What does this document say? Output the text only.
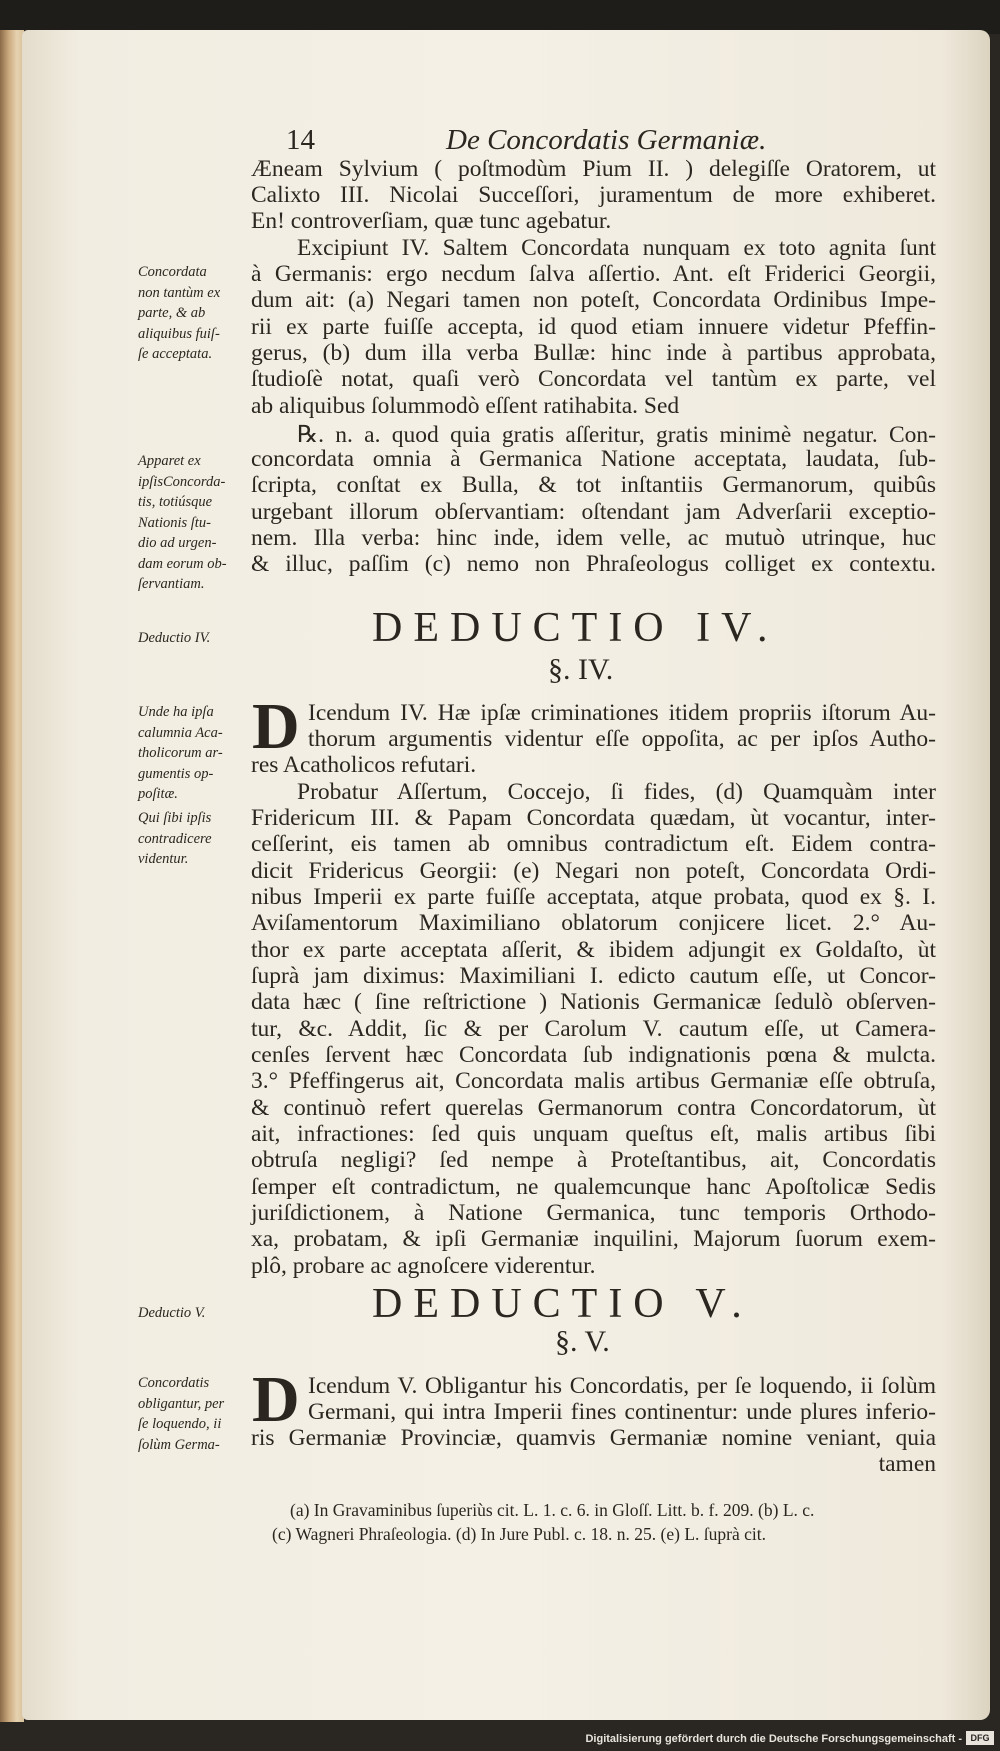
14	De Concordatis Germaniæ.
Æneam Sylvium ( poſtmodùm Pium II. ) delegiſſe Oratorem, ut
Calixto III. Nicolai Succeſſori, juramentum de more exhiberet.
En! controverſiam, quæ tunc agebatur.
Excipiunt IV. Saltem Concordata nunquam ex toto agnita ſunt
à Germanis: ergo necdum ſalva aſſertio. Ant. eſt Friderici Georgii,
dum ait: (a) Negari tamen non poteſt, Concordata Ordinibus Impe-
rii ex parte fuiſſe accepta, id quod etiam innuere videtur Pfeffin-
gerus, (b) dum illa verba Bullæ: hinc inde à partibus approbata,
ſtudioſè notat, quaſi verò Concordata vel tantùm ex parte, vel
ab aliquibus ſolummodò eſſent ratihabita. Sed
℞. n. a. quod quia gratis aſſeritur, gratis minimè negatur. Con-
concordata omnia à Germanica Natione acceptata, laudata, ſub-
ſcripta, conſtat ex Bulla, & tot inſtantiis Germanorum, quibûs
urgebant illorum obſervantiam: oſtendant jam Adverſarii exceptio-
nem. Illa verba: hinc inde, idem velle, ac mutuò utrinque, huc
& illuc, paſſim (c) nemo non Phraſeologus colliget ex contextu.
DEDUCTIO IV.
§. IV.
D Icendum IV. Hæ ipſæ criminationes itidem propriis iſtorum Au-
thorum argumentis videntur eſſe oppoſita, ac per ipſos Autho-
res Acatholicos refutari.
Probatur Aſſertum, Coccejo, ſi fides, (d) Quamquàm inter
Fridericum III. & Papam Concordata quædam, ùt vocantur, inter-
ceſſerint, eis tamen ab omnibus contradictum eſt. Eidem contra-
dicit Fridericus Georgii: (e) Negari non poteſt, Concordata Ordi-
nibus Imperii ex parte fuiſſe acceptata, atque probata, quod ex §. I.
Aviſamentorum Maximiliano oblatorum conjicere licet. 2.° Au-
thor ex parte acceptata aſſerit, & ibidem adjungit ex Goldaſto, ùt
ſuprà jam diximus: Maximiliani I. edicto cautum eſſe, ut Concor-
data hæc ( ſine reſtrictione ) Nationis Germanicæ ſedulò obſerven-
tur, &c. Addit, ſic & per Carolum V. cautum eſſe, ut Camera-
cenſes ſervent hæc Concordata ſub indignationis pœna & mulcta.
3.° Pfeffingerus ait, Concordata malis artibus Germaniæ eſſe obtruſa,
& continuò refert querelas Germanorum contra Concordatorum, ùt
ait, infractiones: ſed quis unquam queſtus eſt, malis artibus ſibi
obtruſa negligi? ſed nempe à Proteſtantibus, ait, Concordatis
ſemper eſt contradictum, ne qualemcunque hanc Apoſtolicæ Sedis
juriſdictionem, à Natione Germanica, tunc temporis Orthodo-
xa, probatam, & ipſi Germaniæ inquilini, Majorum ſuorum exem-
plô, probare ac agnoſcere viderentur.
DEDUCTIO V.
§. V.
D Icendum V. Obligantur his Concordatis, per ſe loquendo, ii ſolùm
Germani, qui intra Imperii fines continentur: unde plures inferio-
ris Germaniæ Provinciæ, quamvis Germaniæ nomine veniant, quia
tamen
Concordata
non tantùm ex
parte, & ab
aliquibus fuiſ-
ſe acceptata.
Apparet ex
ipſisConcorda-
tis, totiúsque
Nationis ſtu-
dio ad urgen-
dam eorum ob-
ſervantiam.
Deductio IV.
Unde ha ipſa
calumnia Aca-
tholicorum ar-
gumentis op-
poſitæ.
Qui ſibi ipſis
contradicere
videntur.
Deductio V.
Concordatis
obligantur, per
ſe loquendo, ii
ſolùm Germa-
(a) In Gravaminibus ſuperiùs cit. L. 1. c. 6. in Gloſſ. Litt. b. f. 209. (b) L. c.
(c) Wagneri Phraſeologia. (d) In Jure Publ. c. 18. n. 25. (e) L. ſuprà cit.
Digitalisierung gefördert durch die Deutsche Forschungsgemeinschaft - DFG
